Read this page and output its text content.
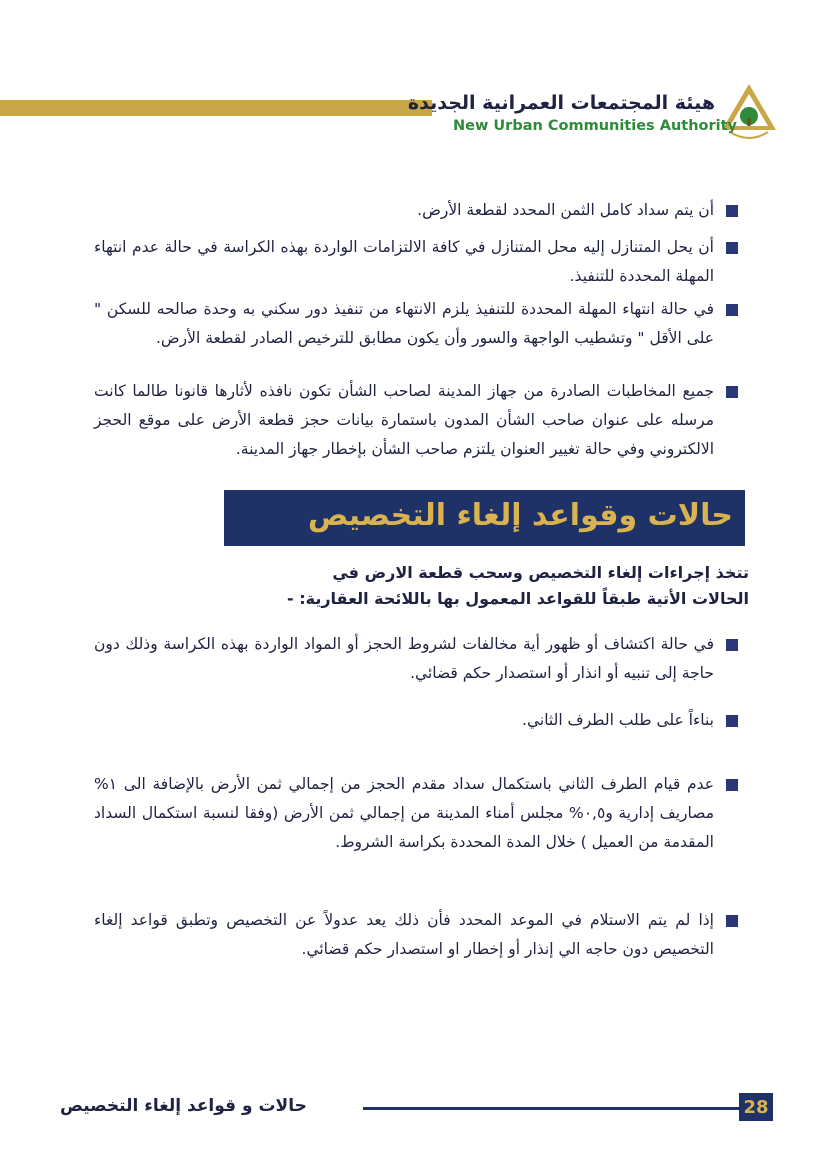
هيئة المجتمعات العمرانية الجديدة
New Urban Communities Authority
أن يتم سداد كامل الثمن المحدد لقطعة الأرض.
أن يحل المتنازل إليه محل المتنازل في كافة الالتزامات الواردة بهذه الكراسة في حالة عدم انتهاء المهلة المحددة للتنفيذ.
في حالة انتهاء المهلة المحددة للتنفيذ يلزم الانتهاء من تنفيذ دور سكني به وحدة صالحه للسكن " على الأقل " وتشطيب الواجهة والسور وأن يكون مطابق للترخيص الصادر لقطعة الأرض.
جميع المخاطبات الصادرة من جهاز المدينة لصاحب الشأن تكون نافذه لأثارها قانونا طالما كانت مرسله على عنوان صاحب الشأن المدون باستمارة بيانات حجز قطعة الأرض على موقع الحجز الالكتروني وفي حالة تغيير العنوان يلتزم صاحب الشأن بإخطار جهاز المدينة.
حالات وقواعد إلغاء التخصيص
تتخذ إجراءات إلغاء التخصيص وسحب قطعة الارض في
الحالات الأتية طبقاً للقواعد المعمول بها باللائحة العقارية: -
في حالة اكتشاف أو ظهور أية مخالفات لشروط الحجز أو المواد الواردة بهذه الكراسة وذلك دون حاجة إلى تنبيه أو انذار أو استصدار حكم قضائي.
بناءاً على طلب الطرف الثاني.
عدم قيام الطرف الثاني باستكمال سداد مقدم الحجز من إجمالي ثمن الأرض بالإضافة الى ١% مصاريف إدارية و٠,٥% مجلس أمناء المدينة من إجمالي ثمن الأرض (وفقا لنسبة استكمال السداد المقدمة من العميل ) خلال المدة المحددة بكراسة الشروط.
إذا لم يتم الاستلام في الموعد المحدد فأن ذلك يعد عدولاً عن التخصيص وتطبق قواعد إلغاء التخصيص دون حاجه الي إنذار أو إخطار او استصدار حكم قضائي.
حالات و قواعد إلغاء التخصيص	28
